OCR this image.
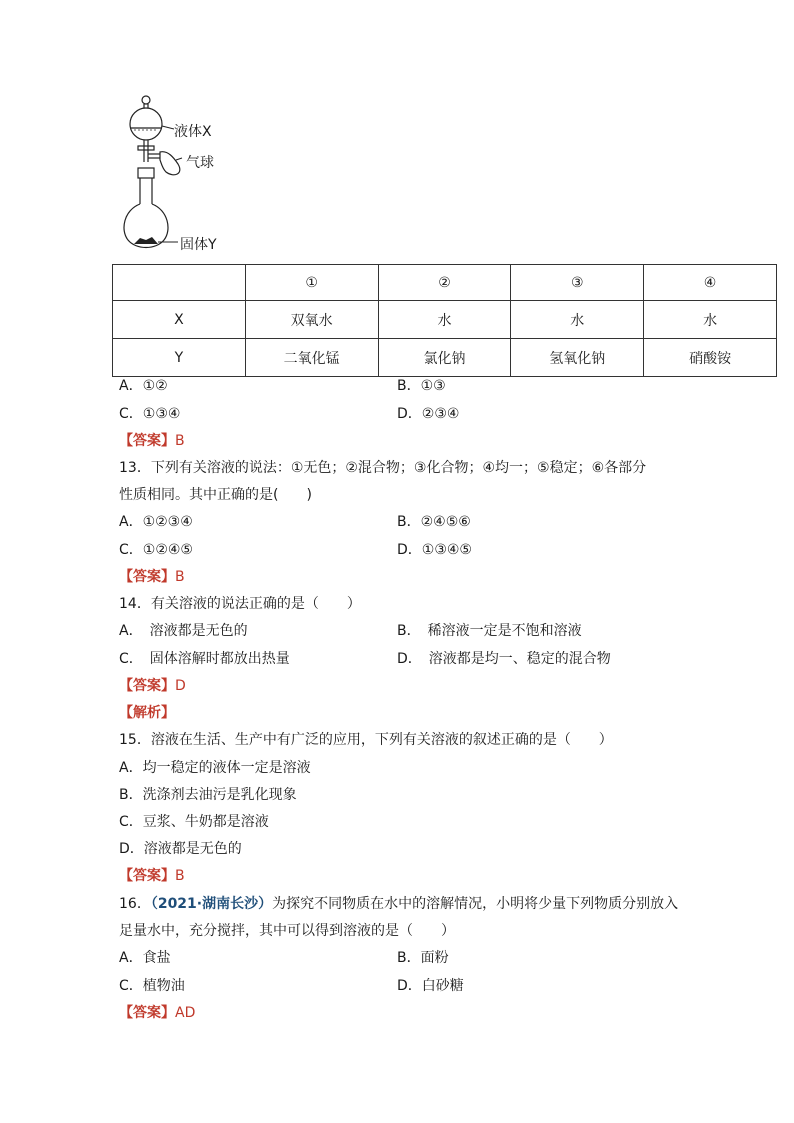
液体X
气球
固体Y
	①	②	③	④
X	双氧水	水	水	水
Y	二氧化锰	氯化钠	氢氧化钠	硝酸铵
A．①②	B．①③
C．①③④	D．②③④
【答案】B
13．下列有关溶液的说法：①无色；②混合物；③化合物；④均一；⑤稳定；⑥各部分
性质相同。其中正确的是(　　)
A．①②③④	B．②④⑤⑥
C．①②④⑤	D．①③④⑤
【答案】B
14．有关溶液的说法正确的是（　　）
A．　溶液都是无色的	B．　稀溶液一定是不饱和溶液
C．　固体溶解时都放出热量	D．　溶液都是均一、稳定的混合物
【答案】D
【解析】
15．溶液在生活、生产中有广泛的应用，下列有关溶液的叙述正确的是（　　）
A．均一稳定的液体一定是溶液
B．洗涤剂去油污是乳化现象
C．豆浆、牛奶都是溶液
D．溶液都是无色的
【答案】B
16．（2021·湖南长沙）为探究不同物质在水中的溶解情况，小明将少量下列物质分别放入
足量水中，充分搅拌，其中可以得到溶液的是（　　）
A．食盐	B．面粉
C．植物油	D．白砂糖
【答案】AD
